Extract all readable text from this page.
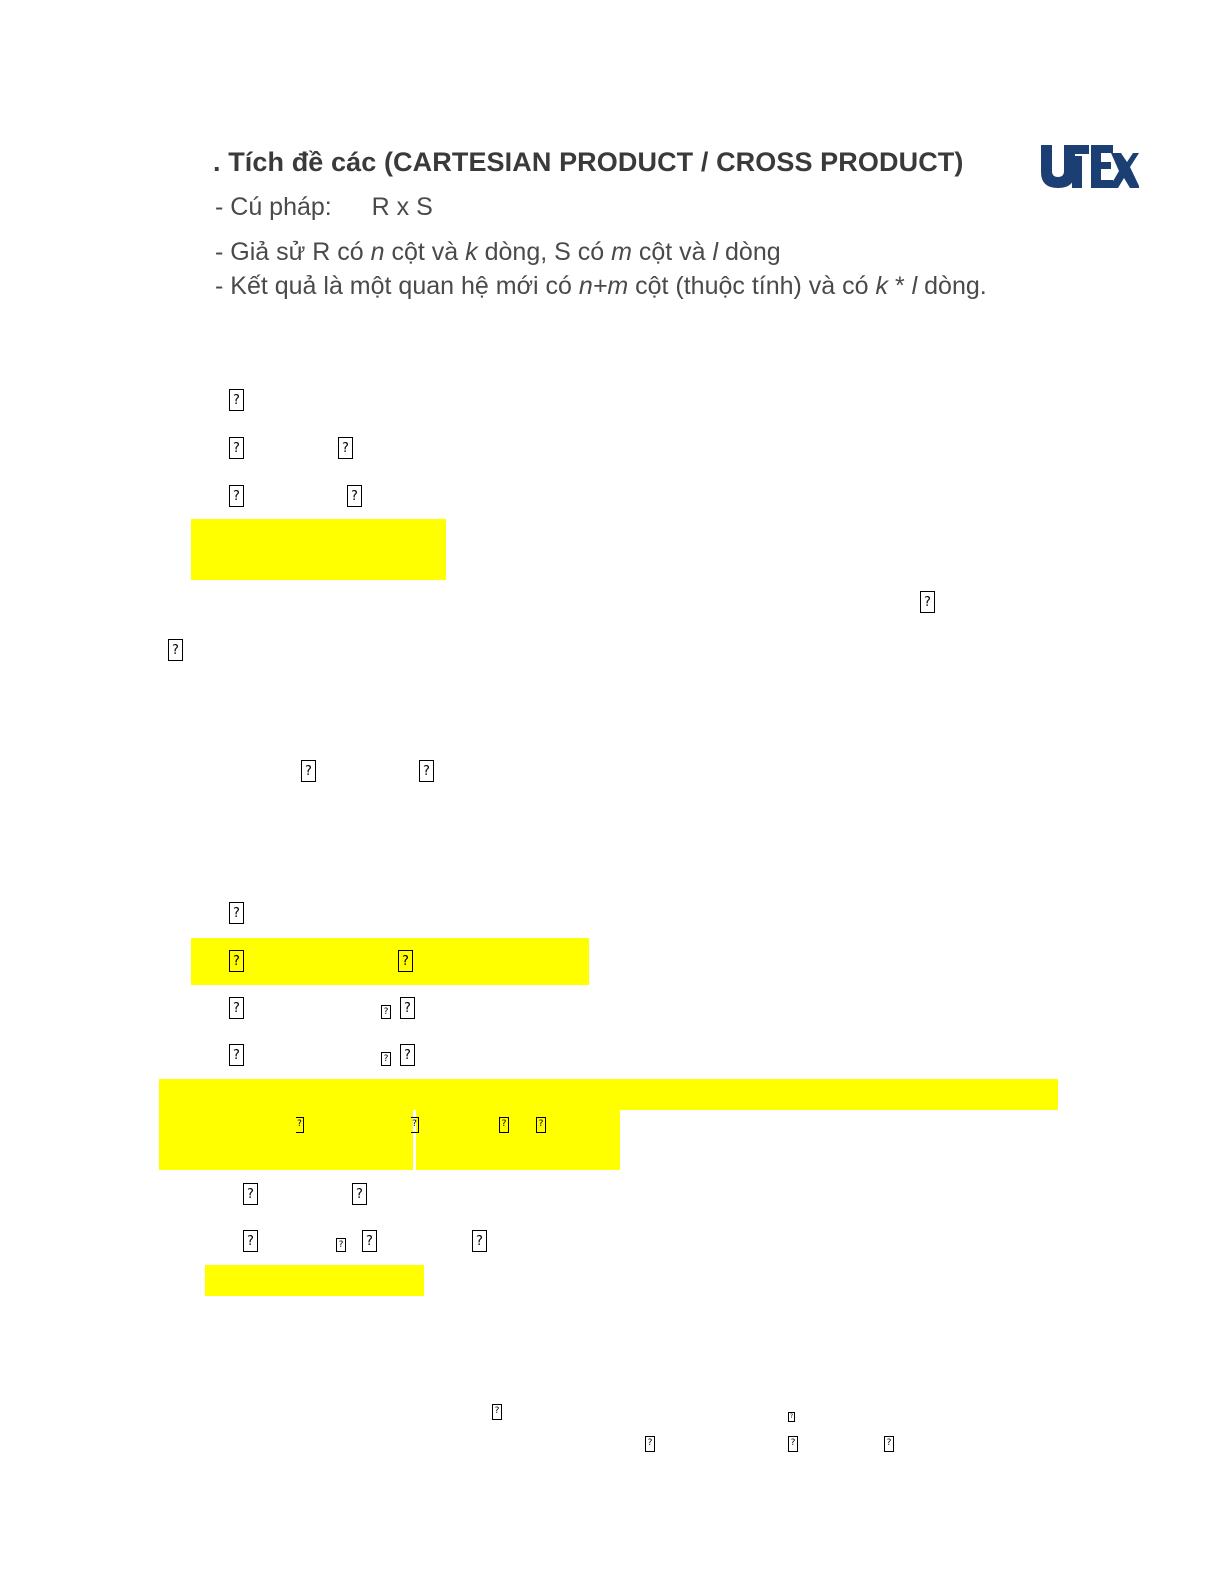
. Tích đề các (CARTESIAN PRODUCT / CROSS PRODUCT)
- Cú pháp: R x S
- Giả sử R có n cột và k dòng, S có m cột và l dòng
- Kết quả là một quan hệ mới có n+m cột (thuộc tính) và có k * l dòng.
?
?	?
?	?
?
?
?	?
?
?	?
?	?	?
?	?	?
?	?	?	?
?	?
?	?	?	?
?
?
?	?	?
